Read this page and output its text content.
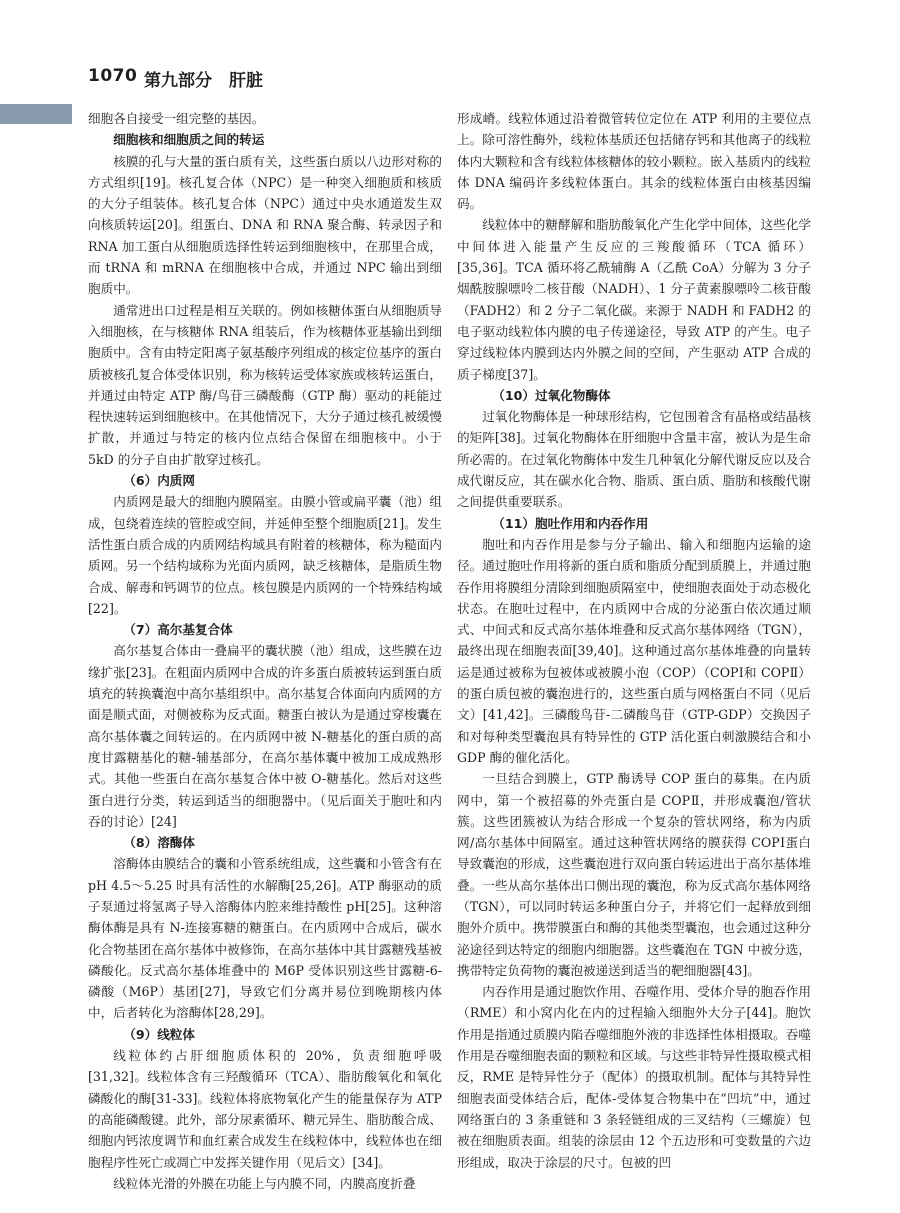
1070 第九部分　肝脏

细胞各自接受一组完整的基因。

细胞核和细胞质之间的转运

核膜的孔与大量的蛋白质有关，这些蛋白质以八边形对称的方式组织[19]。核孔复合体（NPC）是一种突入细胞质和核质的大分子组装体。核孔复合体（NPC）通过中央水通道发生双向核质转运[20]。组蛋白、DNA 和 RNA 聚合酶、转录因子和 RNA 加工蛋白从细胞质选择性转运到细胞核中，在那里合成，而 tRNA 和 mRNA 在细胞核中合成，并通过 NPC 输出到细胞质中。

通常进出口过程是相互关联的。例如核糖体蛋白从细胞质导入细胞核，在与核糖体 RNA 组装后，作为核糖体亚基输出到细胞质中。含有由特定阳离子氨基酸序列组成的核定位基序的蛋白质被核孔复合体受体识别，称为核转运受体家族或核转运蛋白，并通过由特定 ATP 酶/鸟苷三磷酸酶（GTP 酶）驱动的耗能过程快速转运到细胞核中。在其他情况下，大分子通过核孔被缓慢扩散，并通过与特定的核内位点结合保留在细胞核中。小于 5kD 的分子自由扩散穿过核孔。

（6）内质网

内质网是最大的细胞内膜隔室。由膜小管或扁平囊（池）组成，包绕着连续的管腔或空间，并延伸至整个细胞质[21]。发生活性蛋白质合成的内质网结构域具有附着的核糖体，称为糙面内质网。另一个结构域称为光面内质网，缺乏核糖体，是脂质生物合成、解毒和钙调节的位点。核包膜是内质网的一个特殊结构域[22]。

（7）高尔基复合体

高尔基复合体由一叠扁平的囊状膜（池）组成，这些膜在边缘扩张[23]。在粗面内质网中合成的许多蛋白质被转运到蛋白质填充的转换囊泡中高尔基组织中。高尔基复合体面向内质网的方面是顺式面，对侧被称为反式面。糖蛋白被认为是通过穿梭囊在高尔基体囊之间转运的。在内质网中被 N-糖基化的蛋白质的高度甘露糖基化的糖-辅基部分，在高尔基体囊中被加工成成熟形式。其他一些蛋白在高尔基复合体中被 O-糖基化。然后对这些蛋白进行分类，转运到适当的细胞器中。（见后面关于胞吐和内吞的讨论）[24]

（8）溶酶体

溶酶体由膜结合的囊和小管系统组成，这些囊和小管含有在 pH 4.5～5.25 时具有活性的水解酶[25,26]。ATP 酶驱动的质子泵通过将氢离子导入溶酶体内腔来维持酸性 pH[25]。这种溶酶体酶是具有 N-连接寡糖的糖蛋白。在内质网中合成后，碳水化合物基团在高尔基体中被修饰，在高尔基体中其甘露糖残基被磷酸化。反式高尔基体堆叠中的 M6P 受体识别这些甘露糖-6-磷酸（M6P）基团[27]，导致它们分离并易位到晚期核内体中，后者转化为溶酶体[28,29]。

（9）线粒体

线粒体约占肝细胞质体积的 20%，负责细胞呼吸[31,32]。线粒体含有三羟酸循环（TCA）、脂肪酸氧化和氧化磷酸化的酶[31-33]。线粒体将底物氧化产生的能量保存为 ATP 的高能磷酸键。此外，部分尿素循环、糖元异生、脂肪酸合成、细胞内钙浓度调节和血红素合成发生在线粒体中，线粒体也在细胞程序性死亡或凋亡中发挥关键作用（见后文）[34]。

线粒体光滑的外膜在功能上与内膜不同，内膜高度折叠

形成嵴。线粒体通过沿着微管转位定位在 ATP 利用的主要位点上。除可溶性酶外，线粒体基质还包括储存钙和其他离子的线粒体内大颗粒和含有线粒体核糖体的较小颗粒。嵌入基质内的线粒体 DNA 编码许多线粒体蛋白。其余的线粒体蛋白由核基因编码。

线粒体中的糖酵解和脂肪酸氧化产生化学中间体，这些化学中间体进入能量产生反应的三羧酸循环（TCA 循环）[35,36]。TCA 循环将乙酰辅酶 A（乙酰 CoA）分解为 3 分子烟酰胺腺嘌呤二核苷酸（NADH）、1 分子黄素腺嘌呤二核苷酸（FADH2）和 2 分子二氧化碳。来源于 NADH 和 FADH2 的电子驱动线粒体内膜的电子传递途径，导致 ATP 的产生。电子穿过线粒体内膜到达内外膜之间的空间，产生驱动 ATP 合成的质子梯度[37]。

（10）过氧化物酶体

过氧化物酶体是一种球形结构，它包围着含有晶格或结晶核的矩阵[38]。过氧化物酶体在肝细胞中含量丰富，被认为是生命所必需的。在过氧化物酶体中发生几种氧化分解代谢反应以及合成代谢反应，其在碳水化合物、脂质、蛋白质、脂肪和核酸代谢之间提供重要联系。

（11）胞吐作用和内吞作用

胞吐和内吞作用是参与分子输出、输入和细胞内运输的途径。通过胞吐作用将新的蛋白质和脂质分配到质膜上，并通过胞吞作用将膜组分清除到细胞质隔室中，使细胞表面处于动态极化状态。在胞吐过程中，在内质网中合成的分泌蛋白依次通过顺式、中间式和反式高尔基体堆叠和反式高尔基体网络（TGN），最终出现在细胞表面[39,40]。这种通过高尔基体堆叠的向量转运是通过被称为包被体或被膜小泡（COP）（COPⅠ和 COPⅡ）的蛋白质包被的囊泡进行的，这些蛋白质与网格蛋白不同（见后文）[41,42]。三磷酸鸟苷-二磷酸鸟苷（GTP-GDP）交换因子和对每种类型囊泡具有特异性的 GTP 活化蛋白刺激膜结合和小 GDP 酶的催化活化。

一旦结合到膜上，GTP 酶诱导 COP 蛋白的募集。在内质网中，第一个被招募的外壳蛋白是 COPⅡ，并形成囊泡/管状簇。这些团簇被认为结合形成一个复杂的管状网络，称为内质网/高尔基体中间隔室。通过这种管状网络的膜获得 COPⅠ蛋白导致囊泡的形成，这些囊泡进行双向蛋白转运进出于高尔基体堆叠。一些从高尔基体出口侧出现的囊泡，称为反式高尔基体网络（TGN），可以同时转运多种蛋白分子，并将它们一起释放到细胞外介质中。携带膜蛋白和酶的其他类型囊泡，也会通过这种分泌途径到达特定的细胞内细胞器。这些囊泡在 TGN 中被分选，携带特定负荷物的囊泡被递送到适当的靶细胞器[43]。

内吞作用是通过胞饮作用、吞噬作用、受体介导的胞吞作用（RME）和小窝内化在内的过程输入细胞外大分子[44]。胞饮作用是指通过质膜内陷吞噬细胞外液的非选择性体相摄取。吞噬作用是吞噬细胞表面的颗粒和区域。与这些非特异性摄取模式相反，RME 是特异性分子（配体）的摄取机制。配体与其特异性细胞表面受体结合后，配体-受体复合物集中在“凹坑”中，通过网络蛋白的 3 条重链和 3 条轻链组成的三叉结构（三螺旋）包被在细胞质表面。组装的涂层由 12 个五边形和可变数量的六边形组成，取决于涂层的尺寸。包被的凹
